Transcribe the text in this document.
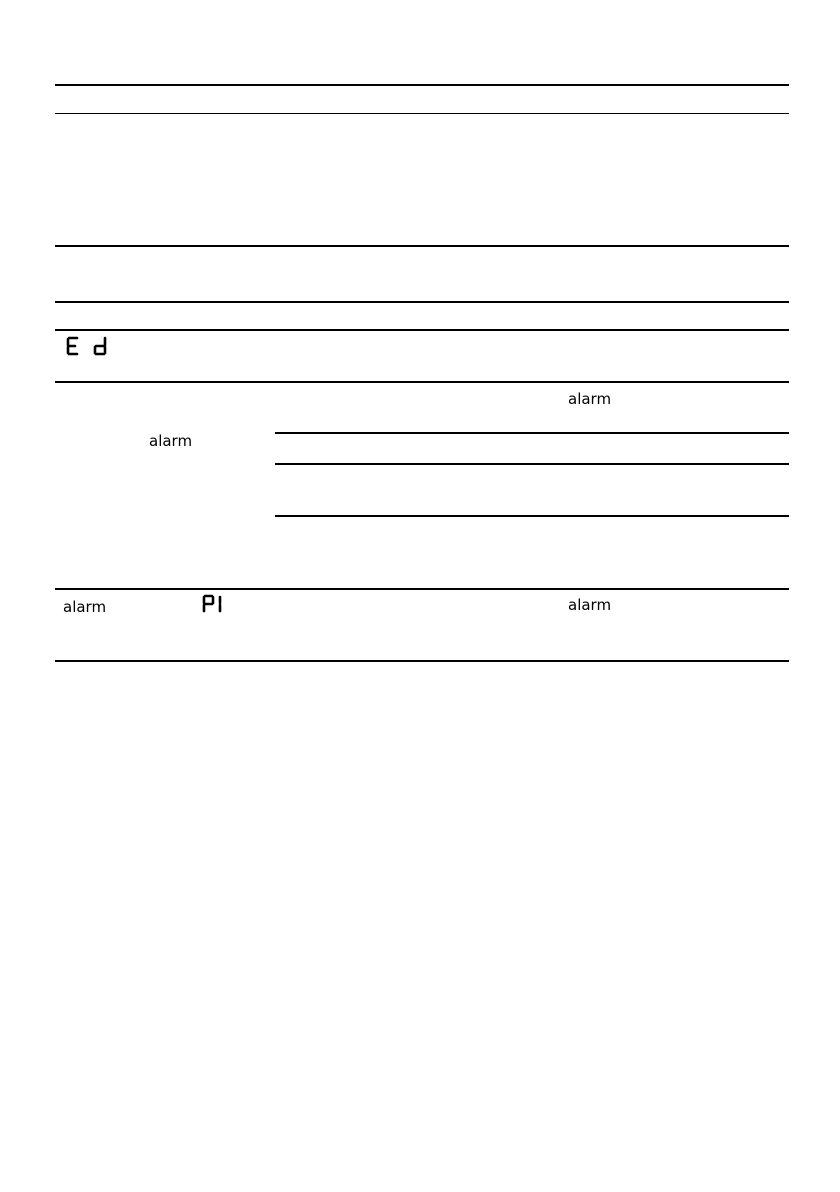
alarm
alarm
alarm	alarm
